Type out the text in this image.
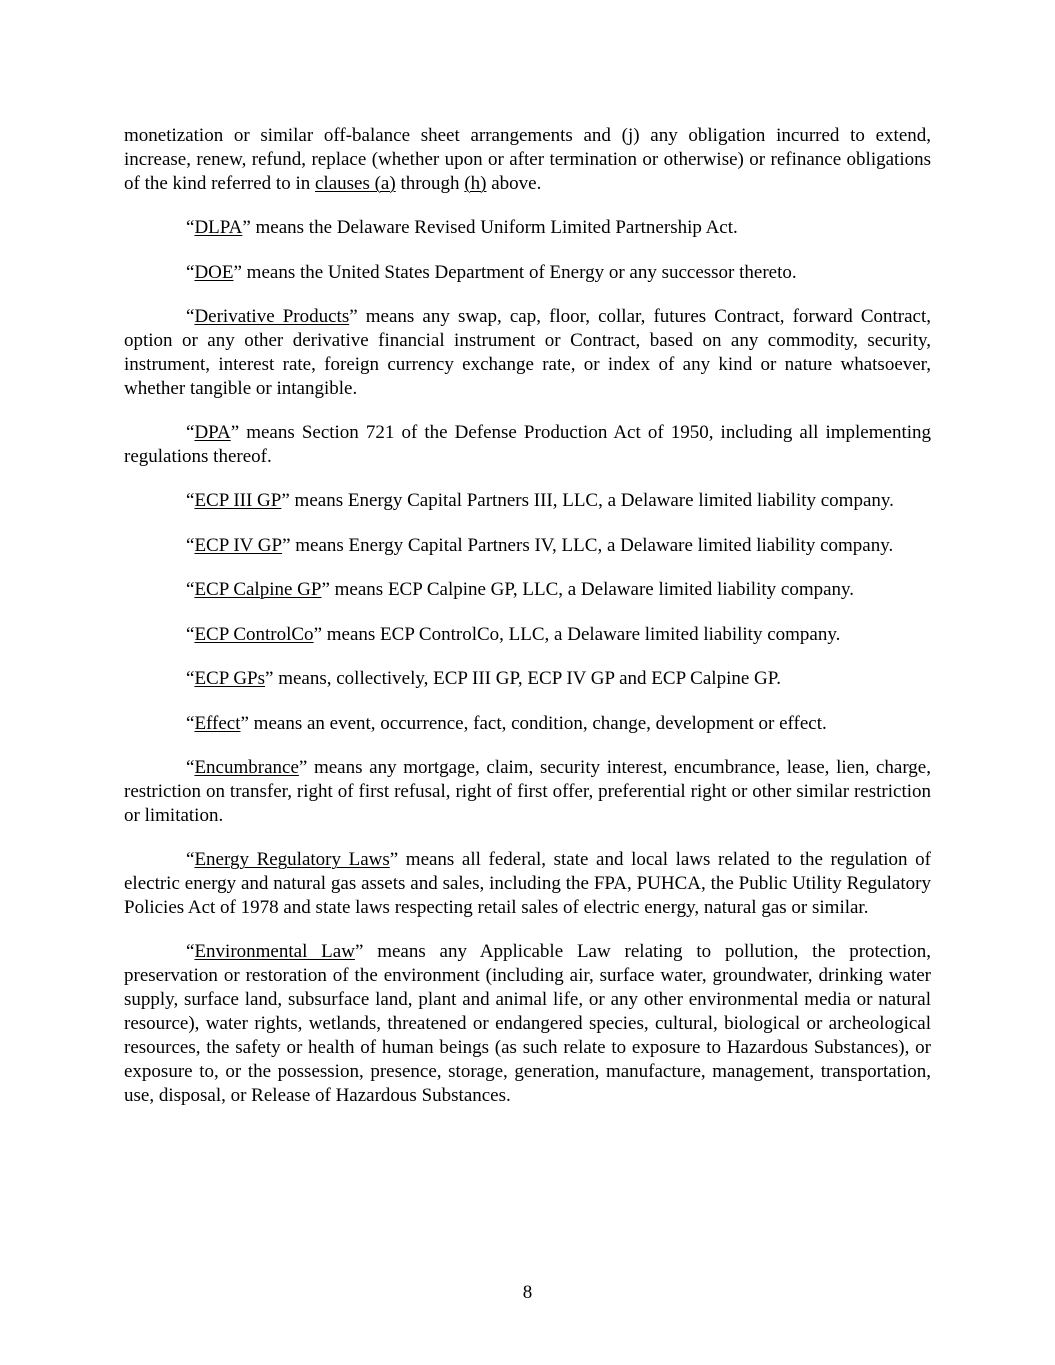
monetization or similar off-balance sheet arrangements and (j) any obligation incurred to extend, increase, renew, refund, replace (whether upon or after termination or otherwise) or refinance obligations of the kind referred to in clauses (a) through (h) above.

“DLPA” means the Delaware Revised Uniform Limited Partnership Act.

“DOE” means the United States Department of Energy or any successor thereto.

“Derivative Products” means any swap, cap, floor, collar, futures Contract, forward Contract, option or any other derivative financial instrument or Contract, based on any commodity, security, instrument, interest rate, foreign currency exchange rate, or index of any kind or nature whatsoever, whether tangible or intangible.

“DPA” means Section 721 of the Defense Production Act of 1950, including all implementing regulations thereof.

“ECP III GP” means Energy Capital Partners III, LLC, a Delaware limited liability company.

“ECP IV GP” means Energy Capital Partners IV, LLC, a Delaware limited liability company.

“ECP Calpine GP” means ECP Calpine GP, LLC, a Delaware limited liability company.

“ECP ControlCo” means ECP ControlCo, LLC, a Delaware limited liability company.

“ECP GPs” means, collectively, ECP III GP, ECP IV GP and ECP Calpine GP.

“Effect” means an event, occurrence, fact, condition, change, development or effect.

“Encumbrance” means any mortgage, claim, security interest, encumbrance, lease, lien, charge, restriction on transfer, right of first refusal, right of first offer, preferential right or other similar restriction or limitation.

“Energy Regulatory Laws” means all federal, state and local laws related to the regulation of electric energy and natural gas assets and sales, including the FPA, PUHCA, the Public Utility Regulatory Policies Act of 1978 and state laws respecting retail sales of electric energy, natural gas or similar.

“Environmental Law” means any Applicable Law relating to pollution, the protection, preservation or restoration of the environment (including air, surface water, groundwater, drinking water supply, surface land, subsurface land, plant and animal life, or any other environmental media or natural resource), water rights, wetlands, threatened or endangered species, cultural, biological or archeological resources, the safety or health of human beings (as such relate to exposure to Hazardous Substances), or exposure to, or the possession, presence, storage, generation, manufacture, management, transportation, use, disposal, or Release of Hazardous Substances.

8
